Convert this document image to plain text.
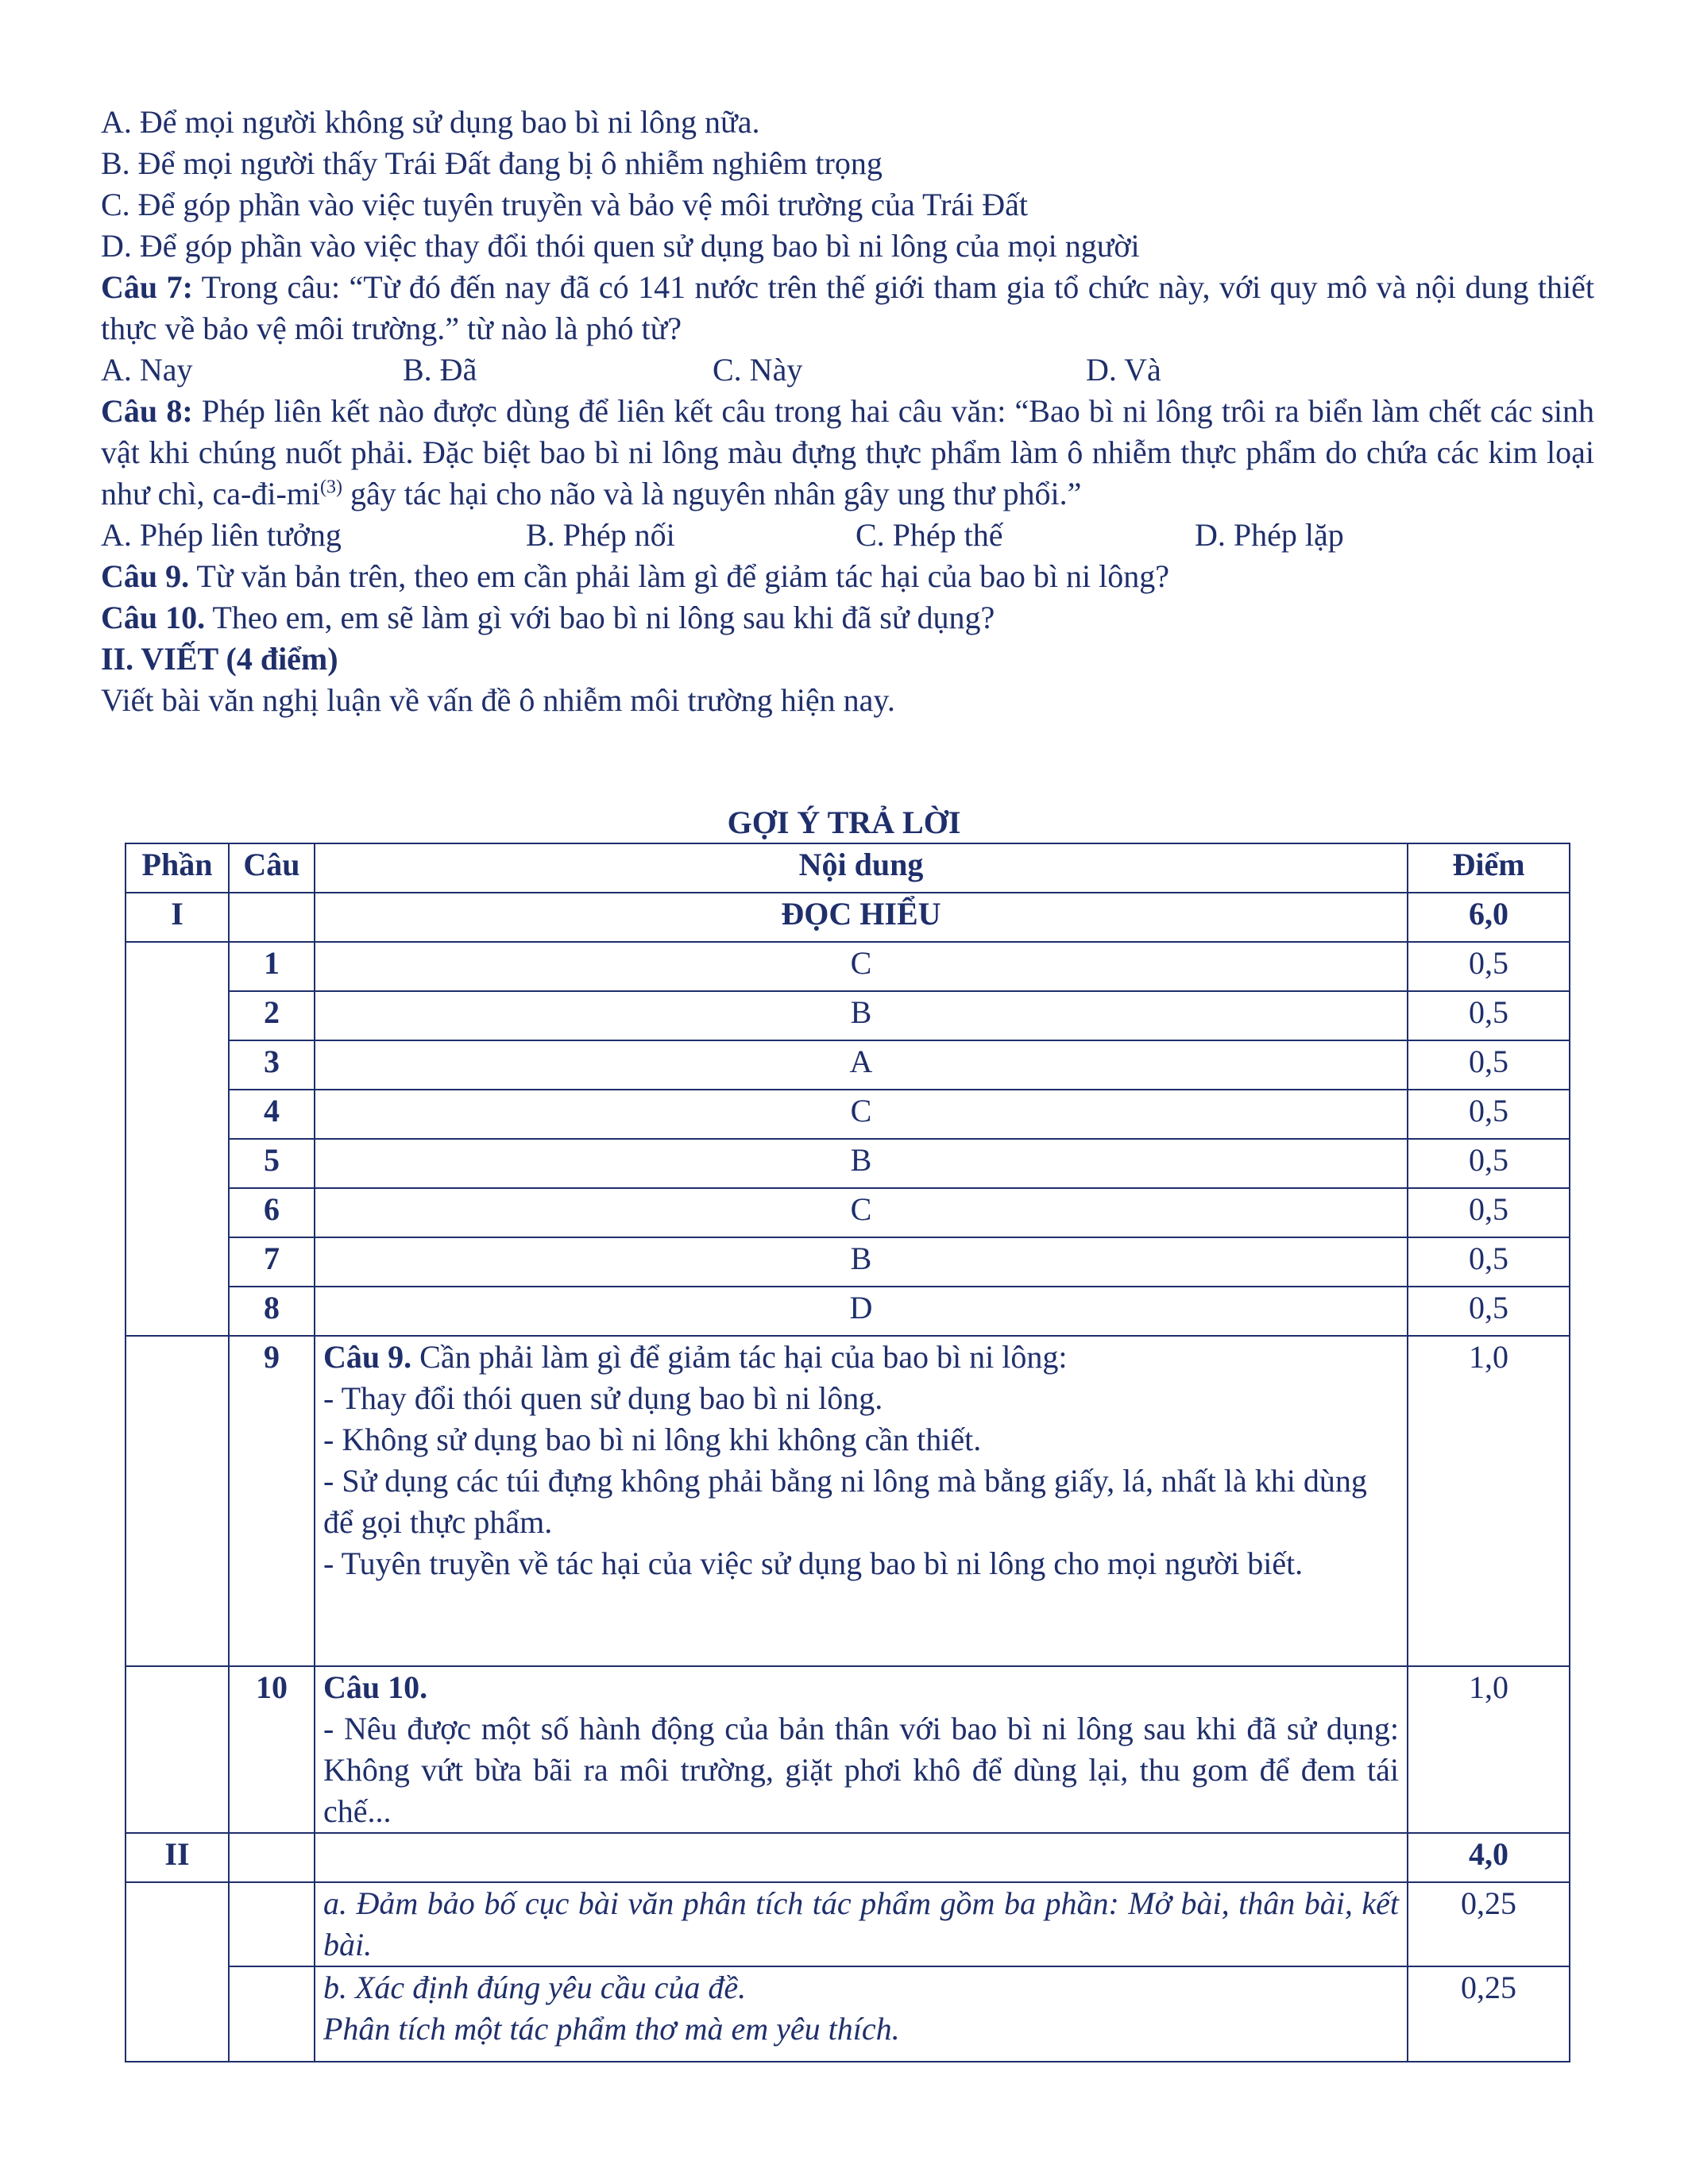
A. Để mọi người không sử dụng bao bì ni lông nữa.
B. Để mọi người thấy Trái Đất đang bị ô nhiễm nghiêm trọng
C. Để góp phần vào việc tuyên truyền và bảo vệ môi trường của Trái Đất
D. Để góp phần vào việc thay đổi thói quen sử dụng bao bì ni lông của mọi người
Câu 7: Trong câu: “Từ đó đến nay đã có 141 nước trên thế giới tham gia tổ chức này, với quy mô và nội dung thiết thực về bảo vệ môi trường.” từ nào là phó từ?
A. Nay	B. Đã	C. Này	D. Và
Câu 8: Phép liên kết nào được dùng để liên kết câu trong hai câu văn: “Bao bì ni lông trôi ra biển làm chết các sinh vật khi chúng nuốt phải. Đặc biệt bao bì ni lông màu đựng thực phẩm làm ô nhiễm thực phẩm do chứa các kim loại như chì, $ca-đi-mi^{(3)}$ gây tác hại cho não và là nguyên nhân gây ung thư phổi.”
A. Phép liên tưởng	B. Phép nối	C. Phép thế	D. Phép lặp
Câu 9. Từ văn bản trên, theo em cần phải làm gì để giảm tác hại của bao bì ni lông?
Câu 10. Theo em, em sẽ làm gì với bao bì ni lông sau khi đã sử dụng?
II. VIẾT (4 điểm)
Viết bài văn nghị luận về vấn đề ô nhiễm môi trường hiện nay.
GỢI Ý TRẢ LỜI
Phần	Câu	Nội dung	Điểm
I		ĐỌC HIỂU	6,0
	1	C	0,5
	2	B	0,5
	3	A	0,5
	4	C	0,5
	5	B	0,5
	6	C	0,5
	7	B	0,5
	8	D	0,5
	9	Câu 9. Cần phải làm gì để giảm tác hại của bao bì ni lông:
- Thay đổi thói quen sử dụng bao bì ni lông.
- Không sử dụng bao bì ni lông khi không cần thiết.
- Sử dụng các túi đựng không phải bằng ni lông mà bằng giấy, lá, nhất là khi dùng để gọi thực phẩm.
- Tuyên truyền về tác hại của việc sử dụng bao bì ni lông cho mọi người biết.	1,0
	10	Câu 10.
- Nêu được một số hành động của bản thân với bao bì ni lông sau khi đã sử dụng: Không vứt bừa bãi ra môi trường, giặt phơi khô để dùng lại, thu gom để đem tái chế...	1,0
II			4,0
		a. Đảm bảo bố cục bài văn phân tích tác phẩm gồm ba phần: Mở bài, thân bài, kết bài.	0,25

		b. Xác định đúng yêu cầu của đề.
Phân tích một tác phẩm thơ mà em yêu thích.	0,25
